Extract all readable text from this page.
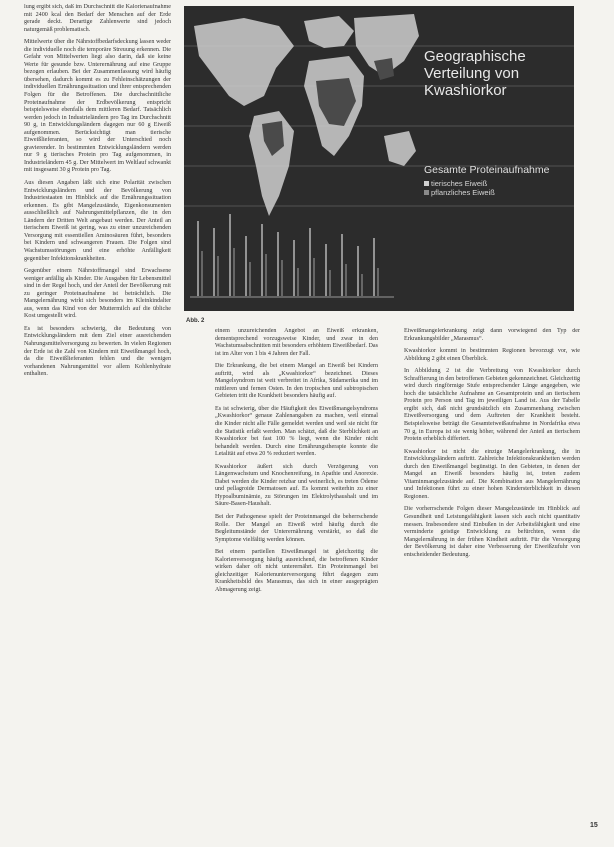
lung ergibt sich, daß im Durchschnitt die Kalorienaufnahme mit 2400 kcal den Bedarf der Menschen auf der Erde gerade deckt. Derartige Zahlenwerte sind jedoch naturgemäß problematisch.

Mittelwerte über die Nährstoffbedarfsdeckung lassen weder die individuelle noch die temporäre Streuung erkennen. Die Gefahr von Mittelwerten liegt also darin, daß sie keine Werte für gesunde bzw. Unterernährung auf eine Gruppe bezogen erlauben. Bei der Zusammenfassung wird häufig übersehen, dadurch kommt es zu Fehleinschätzungen der individuellen Ernährungssituation und ihrer entsprechenden Folgen für die Betroffenen. Die durchschnittliche Proteinaufnahme der Erdbevölkerung entspricht beispielsweise ebenfalls dem mittleren Bedarf. Tatsächlich werden jedoch in Industrieländern pro Tag im Durchschnitt 90 g, in Entwicklungsländern dagegen nur 60 g Eiweiß aufgenommen. Berücksichtigt man tierische Eiweißlieferanten, so wird der Unterschied noch gravierender. In bestimmten Entwicklungsländern werden nur 9 g tierisches Protein pro Tag aufgenommen, in Industrieländern 45 g. Der Mittelwert im Weltlauf schwankt mit insgesamt 30 g Protein pro Tag.

Aus diesen Angaben läßt sich eine Polarität zwischen Entwicklungsländern und der Bevölkerung von Industriestaaten im Hinblick auf die Ernährungssituation erkennen. Es gibt Mangelzustände, Eigenkonsumenten ausschließlich auf Nahrungsmittelpflanzen, die in den Ländern der Dritten Welt angebaut werden. Der Anteil an tierischem Eiweiß ist gering, was zu einer unzureichenden Versorgung mit essentiellen Aminosäuren führt, besonders bei Kindern und schwangeren Frauen. Die Folgen sind Wachstumsstörungen und eine erhöhte Anfälligkeit gegenüber Infektionskrankheiten.

Gegenüber einem Nährstoffmangel sind Erwachsene weniger anfällig als Kinder. Die Ausgaben für Lebensmittel sind in der Regel hoch, und der Anteil der Bevölkerung mit zu geringer Proteinaufnahme ist beträchtlich. Die Mangelernährung wirkt sich besonders im Kleinkindalter aus, wenn das Kind von der Muttermilch auf die übliche Kost umgestellt wird.

Es ist besonders schwierig, die Bedeutung von Entwicklungsländern mit dem Ziel einer ausreichenden Nahrungsmittelversorgung zu bewerten. In vielen Regionen der Erde ist die Zahl von Kindern mit Eiweißmangel hoch, da die Eiweißlieferanten fehlen und die wenigen vorhandenen Nahrungsmittel vor allem Kohlenhydrate enthalten.

Geographische Verteilung von Kwashiorkor
Gesamte Proteinaufnahme
tierisches Eiweiß
pflanzliches Eiweiß
Abb. 2

einem unzureichenden Angebot an Eiweiß erkranken, dementsprechend vorzugsweise Kinder, und zwar in den Wachstumsabschnitten mit besonders erhöhtem Eiweißbedarf. Das ist im Alter von 1 bis 4 Jahren der Fall.

Die Erkrankung, die bei einem Mangel an Eiweiß bei Kindern auftritt, wird als „Kwashiorkor“ bezeichnet. Dieses Mangelsyndrom ist weit verbreitet in Afrika, Südamerika und im mittleren und fernen Osten. In den tropischen und subtropischen Gebieten tritt die Krankheit besonders häufig auf.

Es ist schwierig, über die Häufigkeit des Eiweißmangelsyndroms „Kwashiorkor“ genaue Zahlenangaben zu machen, weil einmal die Kinder nicht alle Fälle gemeldet werden und weil sie nicht für die Statistik erfaßt werden. Man schätzt, daß die Sterblichkeit an Kwashiorkor bei fast 100 % liegt, wenn die Kinder nicht behandelt werden. Durch eine Ernährungstherapie konnte die Letalität auf etwa 20 % reduziert werden.

Kwashiorkor äußert sich durch Verzögerung von Längenwachstum und Knochenreifung, in Apathie und Anorexie. Dabei werden die Kinder reizbar und weinerlich, es treten Ödeme und pellagroide Dermatosen auf. Es kommt weiterhin zu einer Hypoalbuminämie, zu Störungen im Elektrolythaushalt und im Säure-Basen-Haushalt.

Bei der Pathogenese spielt der Proteinmangel die beherrschende Rolle. Der Mangel an Eiweiß wird häufig durch die Begleitumstände der Unterernährung verstärkt, so daß die Symptome vielfältig werden können.

Bei einem partiellen Eiweißmangel ist gleichzeitig die Kalorienversorgung häufig ausreichend, die betroffenen Kinder wirken daher oft nicht unterernährt. Ein Proteinmangel bei gleichzeitiger Kalorienunterversorgung führt dagegen zum Krankheitsbild des Marasmus, das sich in einer ausgeprägten Abmagerung zeigt.

Eiweißmangelerkrankung zeigt dann vorwiegend den Typ der Erkrankungsbilder „Marasmus“.

Kwashiorkor kommt in bestimmten Regionen bevorzugt vor, wie Abbildung 2 gibt einen Überblick.

In Abbildung 2 ist die Verbreitung von Kwashiorkor durch Schraffierung in den betroffenen Gebieten gekennzeichnet. Gleichzeitig wird durch ringförmige Stufe entsprechender Länge angegeben, wie hoch die tatsächliche Aufnahme an Gesamtprotein und an tierischem Protein pro Person und Tag im jeweiligen Land ist. Aus der Tabelle ergibt sich, daß nicht grundsätzlich ein Zusammenhang zwischen Eiweißversorgung und dem Auftreten der Krankheit besteht. Beispielsweise beträgt die Gesamteiweißaufnahme in Nordafrika etwa 70 g, in Europa ist sie wenig höher, während der Anteil an tierischem Protein erheblich differiert.

Kwashiorkor ist nicht die einzige Mangelerkrankung, die in Entwicklungsländern auftritt. Zahlreiche Infektionskrankheiten werden durch den Eiweißmangel begünstigt. In den Gebieten, in denen der Mangel an Eiweiß besonders häufig ist, treten zudem Vitaminmangelzustände auf. Die Kombination aus Mangelernährung und Infektionen führt zu einer hohen Kindersterblichkeit in diesen Regionen.

Die vorherrschende Folgen dieser Mangelzustände im Hinblick auf Gesundheit und Leistungsfähigkeit lassen sich auch nicht quantitativ messen. Insbesondere sind Einbußen in der Arbeitsfähigkeit und eine verminderte geistige Entwicklung zu befürchten, wenn die Mangelernährung in der frühen Kindheit auftritt. Für die Versorgung der Bevölkerung ist daher eine Verbesserung der Eiweißzufuhr von entscheidender Bedeutung.

15
